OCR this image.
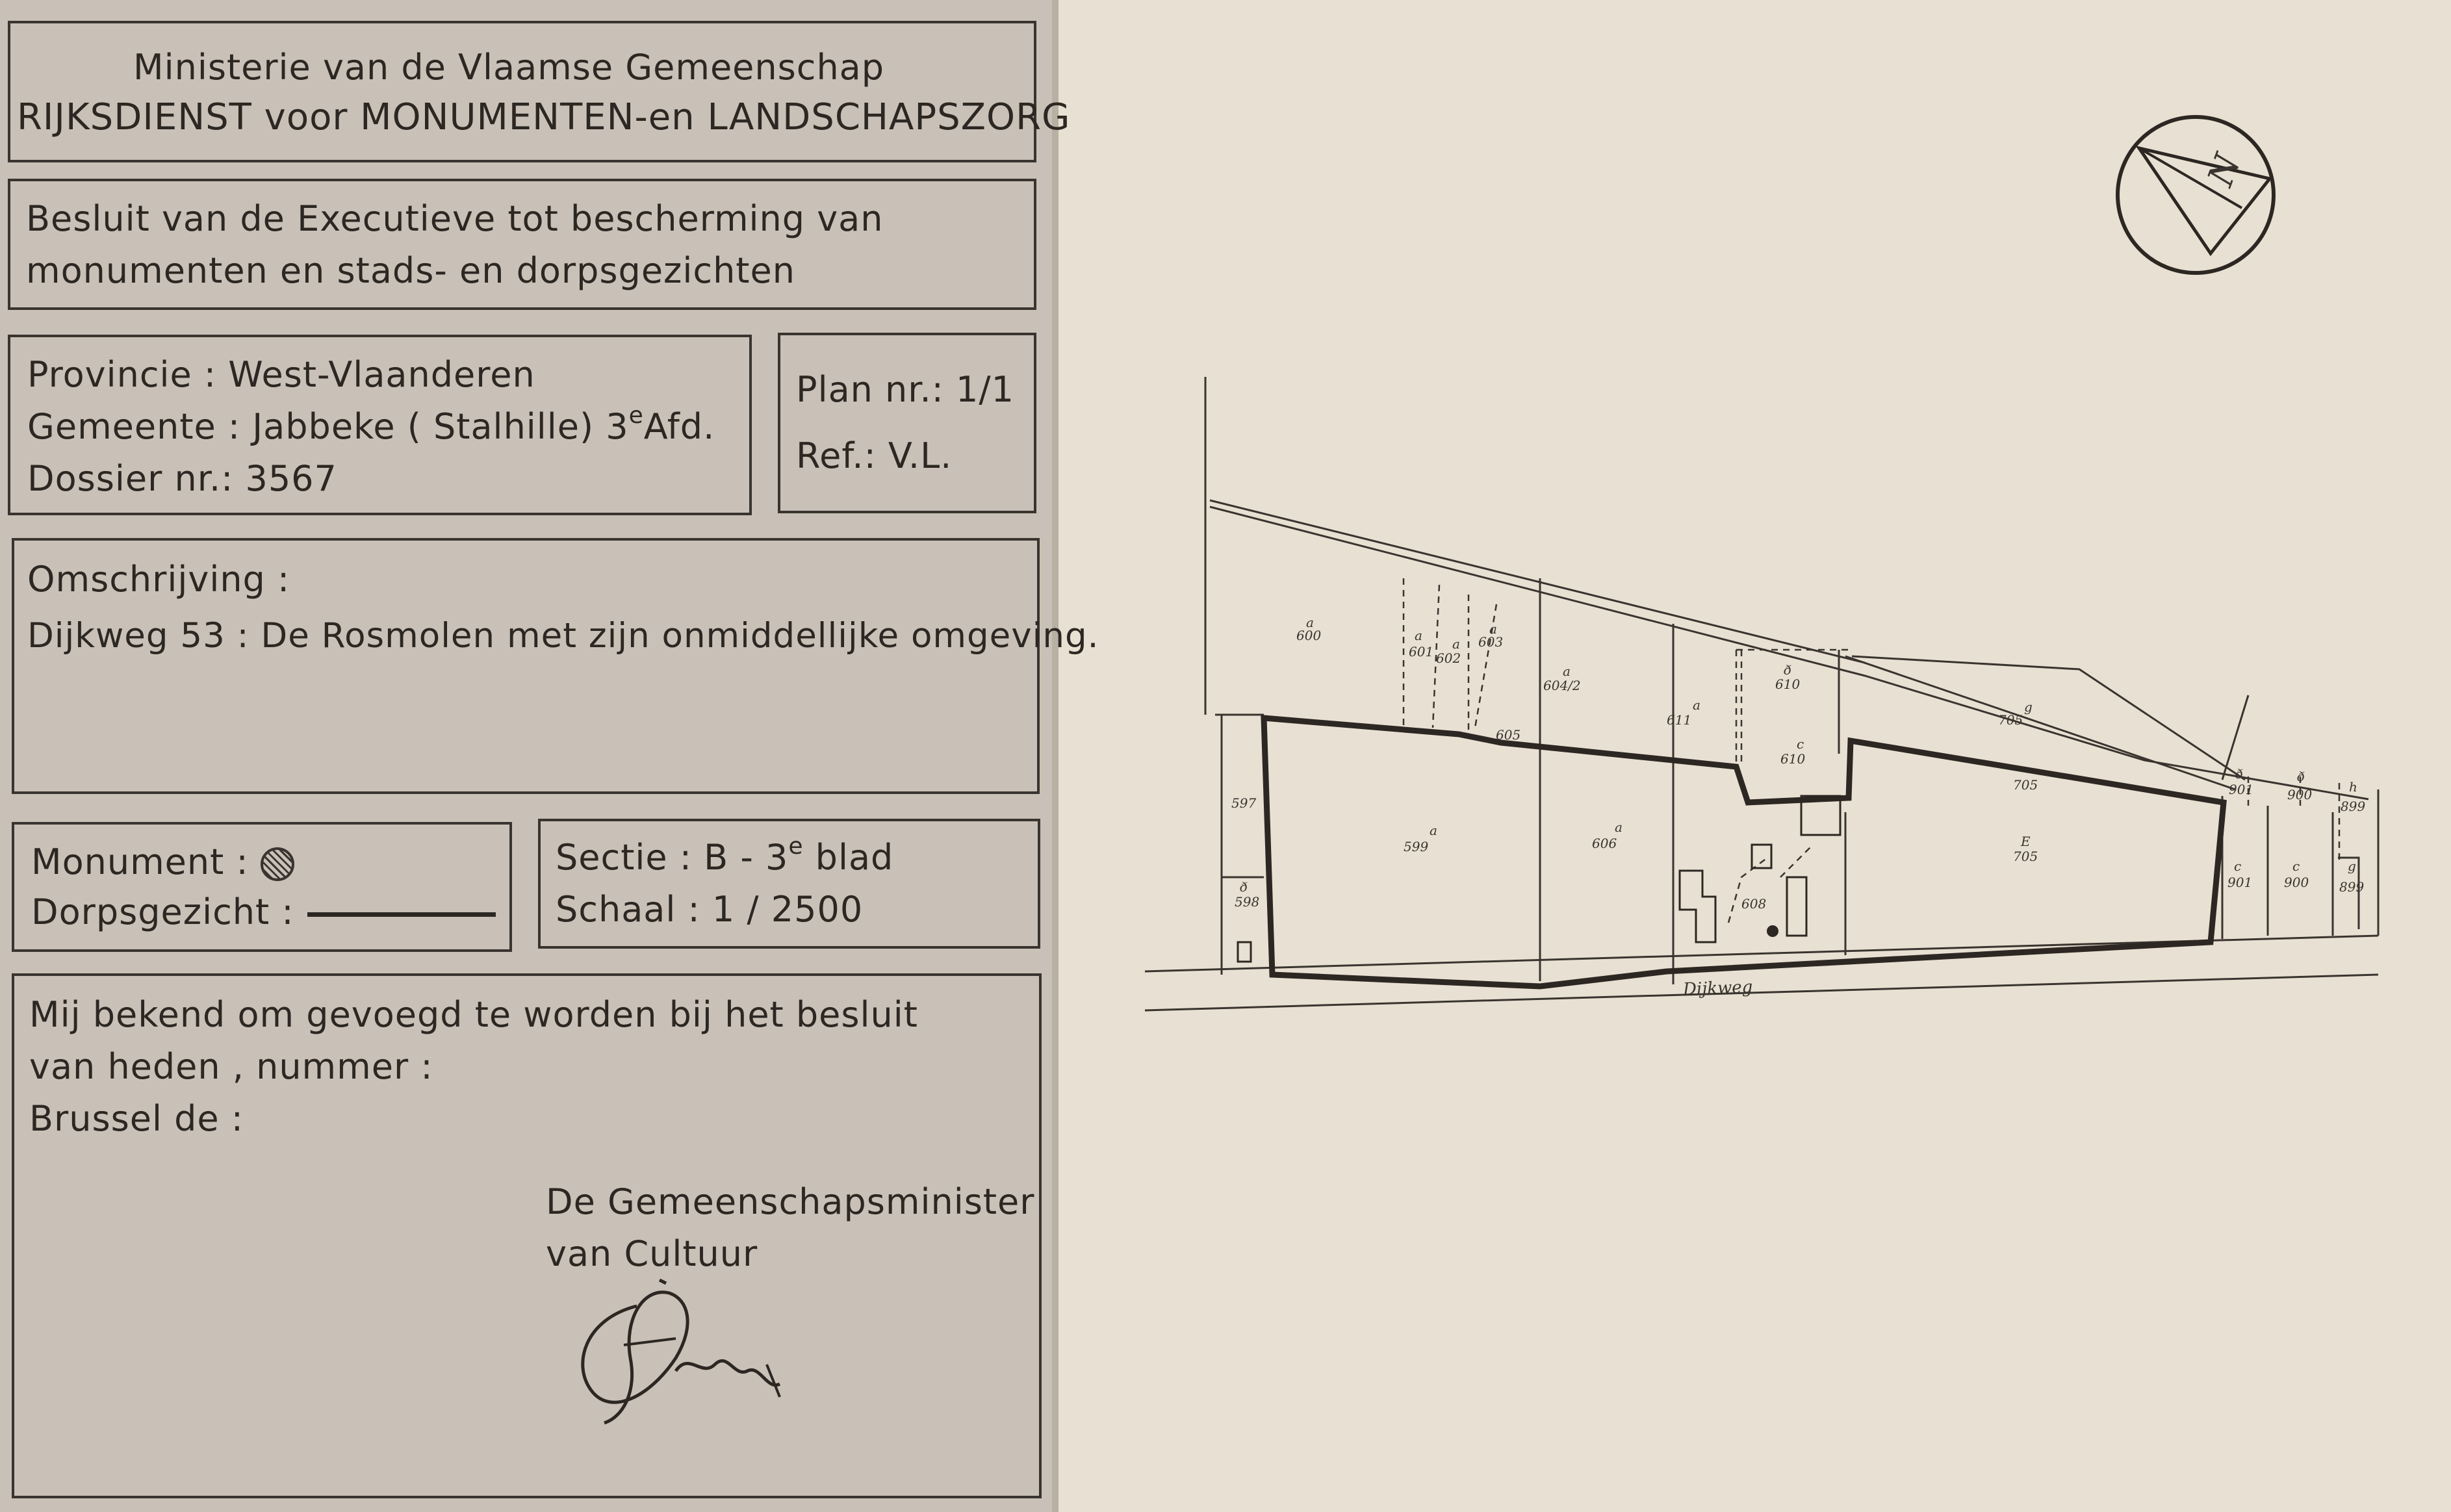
Ministerie van de Vlaamse Gemeenschap
RIJKSDIENST voor MONUMENTEN-en LANDSCHAPSZORG
Besluit van de Executieve tot bescherming van
monumenten en stads- en dorpsgezichten
Provincie : West-Vlaanderen
Gemeente : Jabbeke ( Stalhille) 3eAfd.
Dossier nr.: 3567
Plan nr.: 1/1
Ref.: V.L.
Omschrijving :
Dijkweg 53 : De Rosmolen met zijn onmiddellijke omgeving.
Monument :
Dorpsgezicht :
Sectie : B - 3e blad
Schaal : 1 / 2500
Mij bekend om gevoegd te worden bij het besluit
van heden , nummer :
Brussel de :
De Gemeenschapsminister
van Cultuur
N
a
600	a
601 a
602
a
603
a
604/2
a
611
ð
610
c
610
605
g
705
597
a
599
a
606
705
E
705
ð
598	608
ð
901
ð
900	h
899
c
901
c
900
g
899
Dijkweg
